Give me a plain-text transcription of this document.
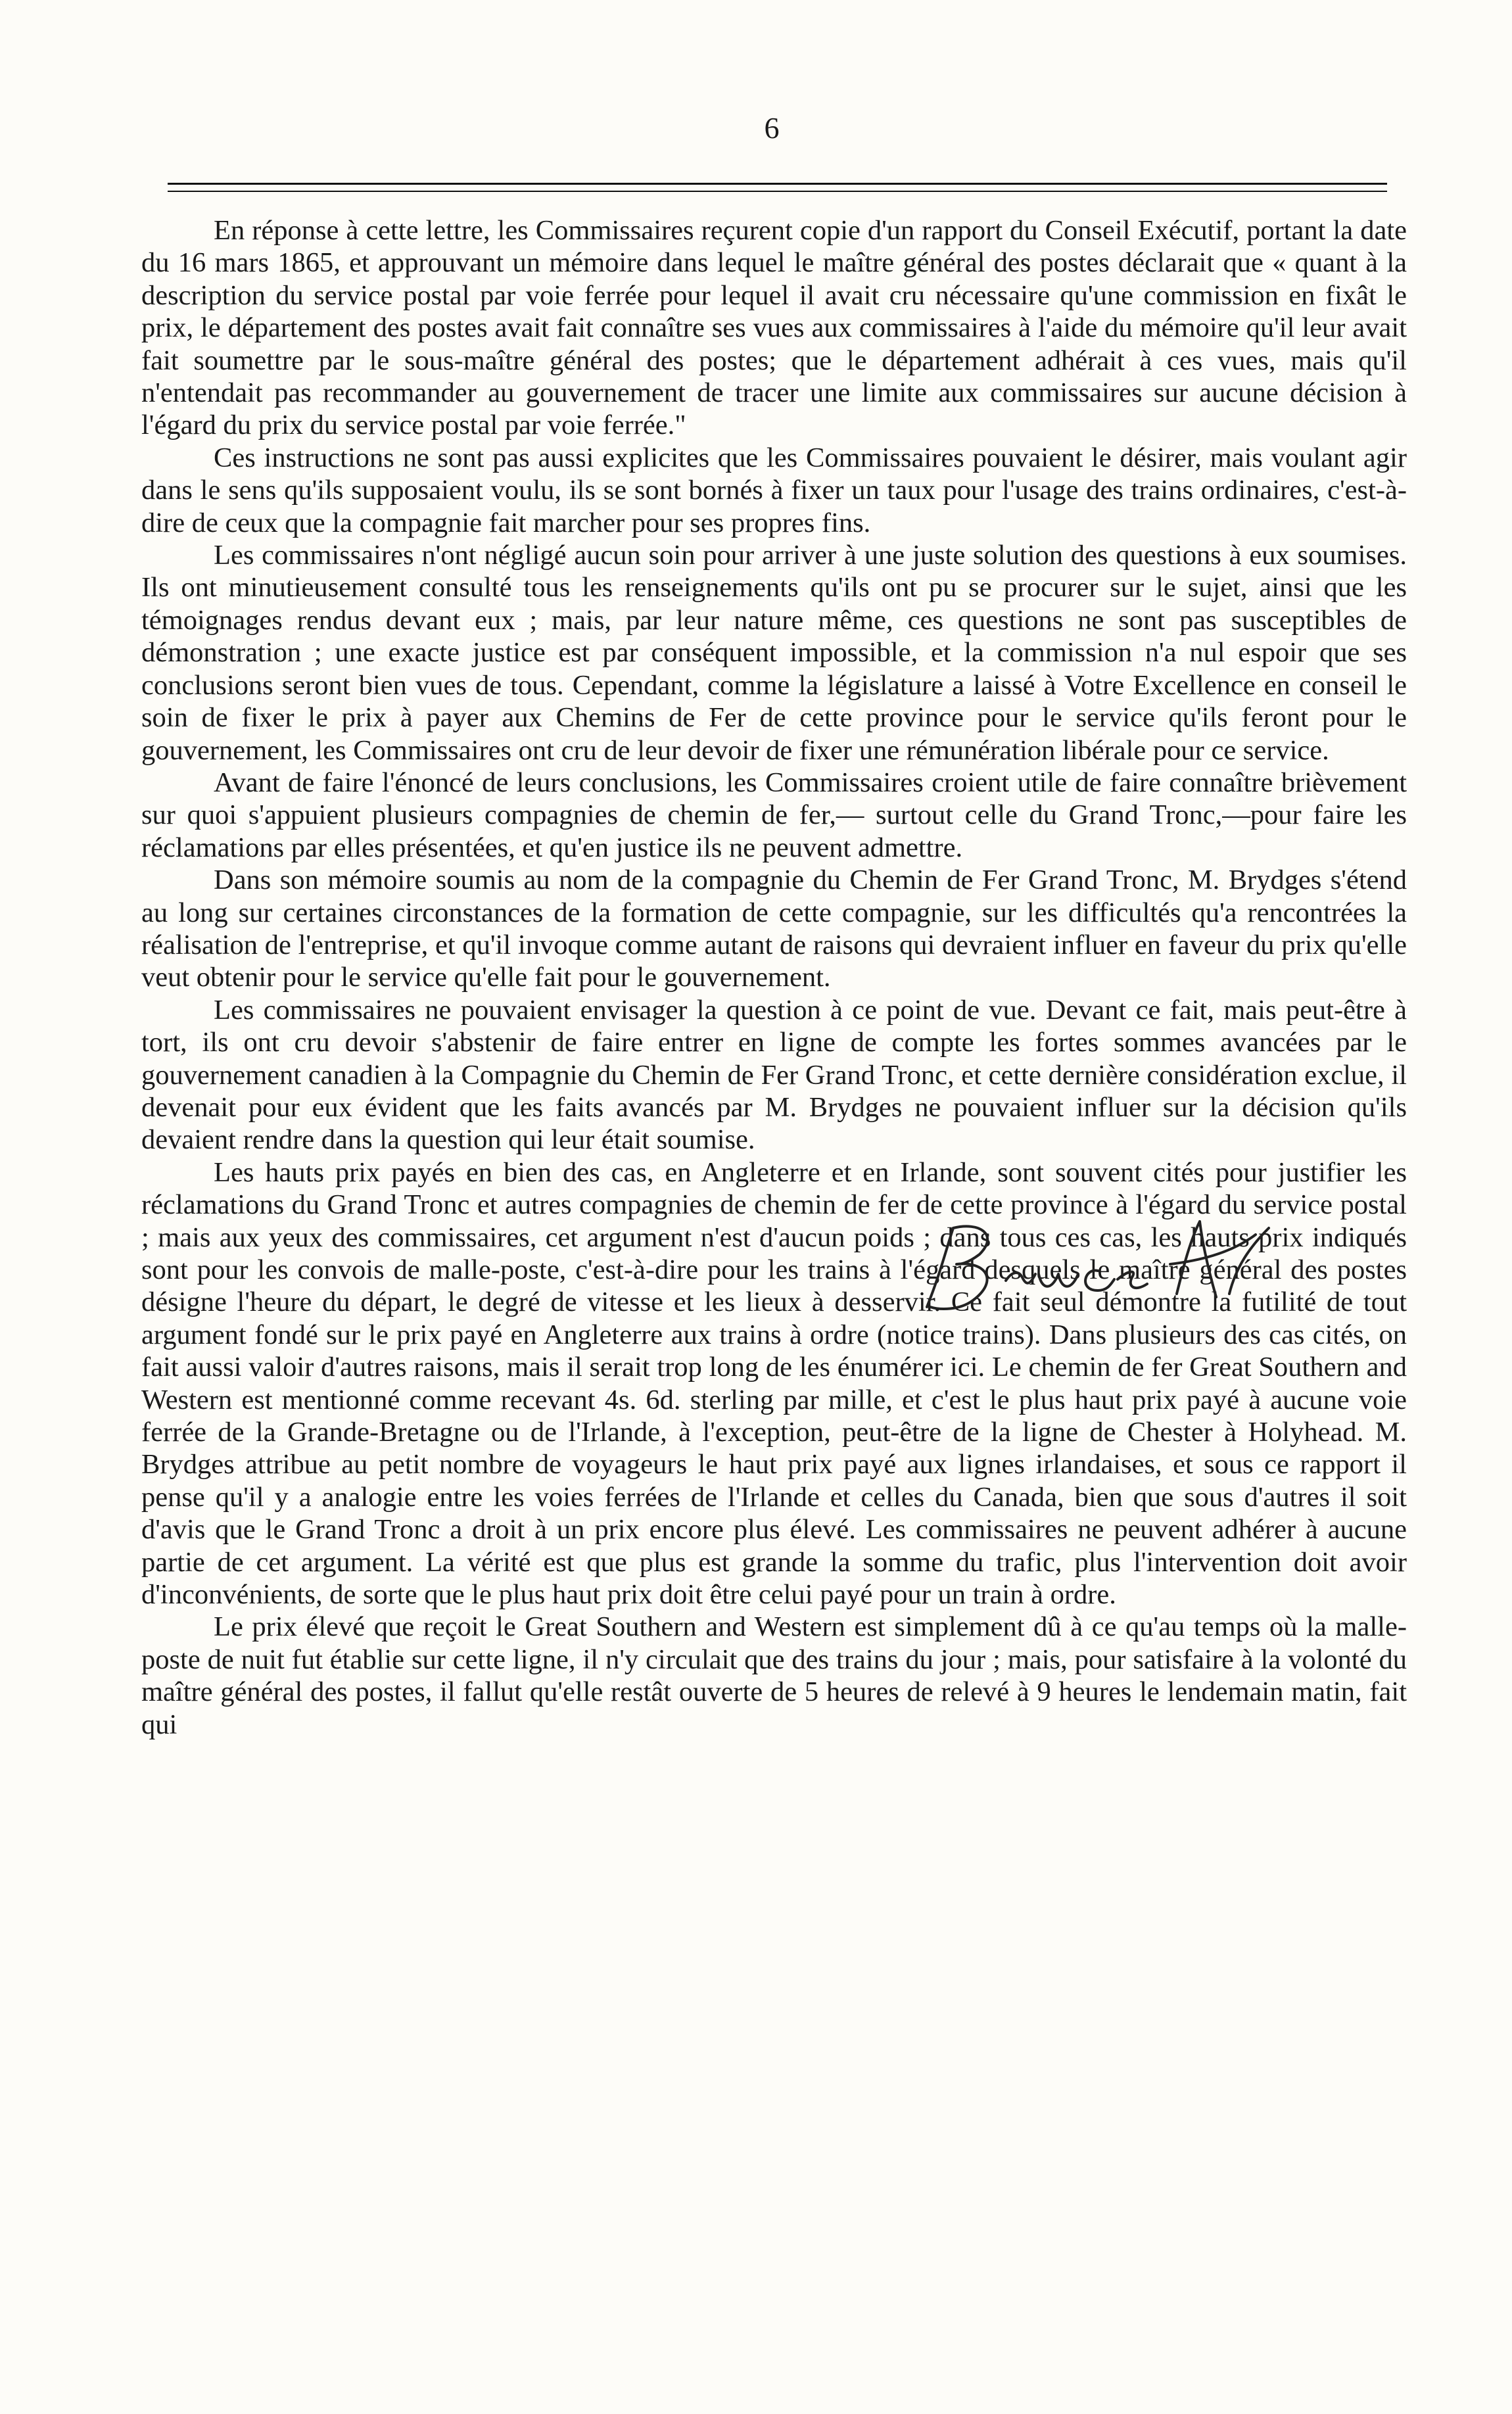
6

En réponse à cette lettre, les Commissaires reçurent copie d'un rapport du Conseil Exécutif, portant la date du 16 mars 1865, et approuvant un mémoire dans lequel le maître général des postes déclarait que « quant à la description du service postal par voie ferrée pour lequel il avait cru nécessaire qu'une commission en fixât le prix, le département des postes avait fait connaître ses vues aux commissaires à l'aide du mémoire qu'il leur avait fait soumettre par le sous-maître général des postes; que le département adhérait à ces vues, mais qu'il n'entendait pas recommander au gouvernement de tracer une limite aux commissaires sur aucune décision à l'égard du prix du service postal par voie ferrée."

Ces instructions ne sont pas aussi explicites que les Commissaires pouvaient le désirer, mais voulant agir dans le sens qu'ils supposaient voulu, ils se sont bornés à fixer un taux pour l'usage des trains ordinaires, c'est-à-dire de ceux que la compagnie fait marcher pour ses propres fins.

Les commissaires n'ont négligé aucun soin pour arriver à une juste solution des questions à eux soumises. Ils ont minutieusement consulté tous les renseignements qu'ils ont pu se procurer sur le sujet, ainsi que les témoignages rendus devant eux ; mais, par leur nature même, ces questions ne sont pas susceptibles de démonstration ; une exacte justice est par conséquent impossible, et la commission n'a nul espoir que ses conclusions seront bien vues de tous. Cependant, comme la législature a laissé à Votre Excellence en conseil le soin de fixer le prix à payer aux Chemins de Fer de cette province pour le service qu'ils feront pour le gouvernement, les Commissaires ont cru de leur devoir de fixer une rémunération libérale pour ce service.

Avant de faire l'énoncé de leurs conclusions, les Commissaires croient utile de faire connaître brièvement sur quoi s'appuient plusieurs compagnies de chemin de fer,— surtout celle du Grand Tronc,—pour faire les réclamations par elles présentées, et qu'en justice ils ne peuvent admettre.

Dans son mémoire soumis au nom de la compagnie du Chemin de Fer Grand Tronc, M. Brydges s'étend au long sur certaines circonstances de la formation de cette compagnie, sur les difficultés qu'a rencontrées la réalisation de l'entreprise, et qu'il invoque comme autant de raisons qui devraient influer en faveur du prix qu'elle veut obtenir pour le service qu'elle fait pour le gouvernement.

Les commissaires ne pouvaient envisager la question à ce point de vue. Devant ce fait, mais peut-être à tort, ils ont cru devoir s'abstenir de faire entrer en ligne de compte les fortes sommes avancées par le gouvernement canadien à la Compagnie du Chemin de Fer Grand Tronc, et cette dernière considération exclue, il devenait pour eux évident que les faits avancés par M. Brydges ne pouvaient influer sur la décision qu'ils devaient rendre dans la question qui leur était soumise.

Les hauts prix payés en bien des cas, en Angleterre et en Irlande, sont souvent cités pour justifier les réclamations du Grand Tronc et autres compagnies de chemin de fer de cette province à l'égard du service postal ; mais aux yeux des commissaires, cet argument n'est d'aucun poids ; dans tous ces cas, les hauts prix indiqués sont pour les convois de malle-poste, c'est-à-dire pour les trains à l'égard desquels le maître général des postes désigne l'heure du départ, le degré de vitesse et les lieux à desservir. Ce fait seul démontre la futilité de tout argument fondé sur le prix payé en Angleterre aux trains à ordre (notice trains). Dans plusieurs des cas cités, on fait aussi valoir d'autres raisons, mais il serait trop long de les énumérer ici. Le chemin de fer Great Southern and Western est mentionné comme recevant 4s. 6d. sterling par mille, et c'est le plus haut prix payé à aucune voie ferrée de la Grande-Bretagne ou de l'Irlande, à l'exception, peut-être de la ligne de Chester à Holyhead. M. Brydges attribue au petit nombre de voyageurs le haut prix payé aux lignes irlandaises, et sous ce rapport il pense qu'il y a analogie entre les voies ferrées de l'Irlande et celles du Canada, bien que sous d'autres il soit d'avis que le Grand Tronc a droit à un prix encore plus élevé. Les commissaires ne peuvent adhérer à aucune partie de cet argument. La vérité est que plus est grande la somme du trafic, plus l'intervention doit avoir d'inconvénients, de sorte que le plus haut prix doit être celui payé pour un train à ordre.

Le prix élevé que reçoit le Great Southern and Western est simplement dû à ce qu'au temps où la malle-poste de nuit fut établie sur cette ligne, il n'y circulait que des trains du jour ; mais, pour satisfaire à la volonté du maître général des postes, il fallut qu'elle restât ouverte de 5 heures de relevé à 9 heures le lendemain matin, fait qui
